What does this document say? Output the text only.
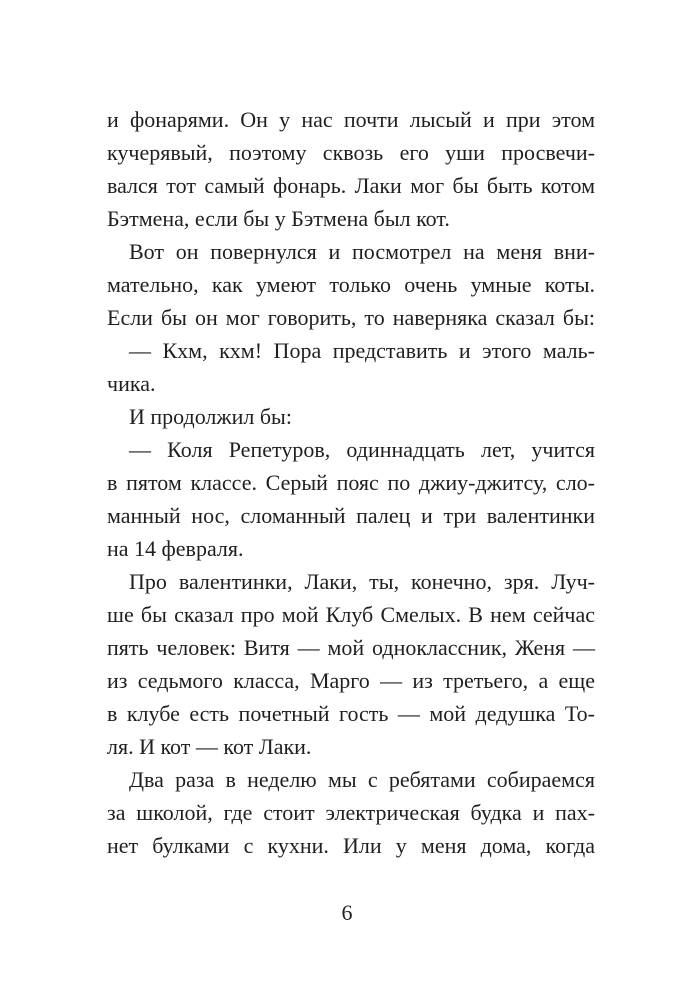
и фонарями. Он у нас почти лысый и при этом
кучерявый, поэтому сквозь его уши просвечи-
вался тот самый фонарь. Лаки мог бы быть котом
Бэтмена, если бы у Бэтмена был кот.
Вот он повернулся и посмотрел на меня вни-
мательно, как умеют только очень умные коты.
Если бы он мог говорить, то наверняка сказал бы:
— Кхм, кхм! Пора представить и этого маль-
чика.
И продолжил бы:
— Коля Репетуров, одиннадцать лет, учится
в пятом классе. Серый пояс по джиу-джитсу, сло-
манный нос, сломанный палец и три валентинки
на 14 февраля.
Про валентинки, Лаки, ты, конечно, зря. Луч-
ше бы сказал про мой Клуб Смелых. В нем сейчас
пять человек: Витя — мой одноклассник, Женя —
из седьмого класса, Марго — из третьего, а еще
в клубе есть почетный гость — мой дедушка То-
ля. И кот — кот Лаки.
Два раза в неделю мы с ребятами собираемся
за школой, где стоит электрическая будка и пах-
нет булками с кухни. Или у меня дома, когда
6
